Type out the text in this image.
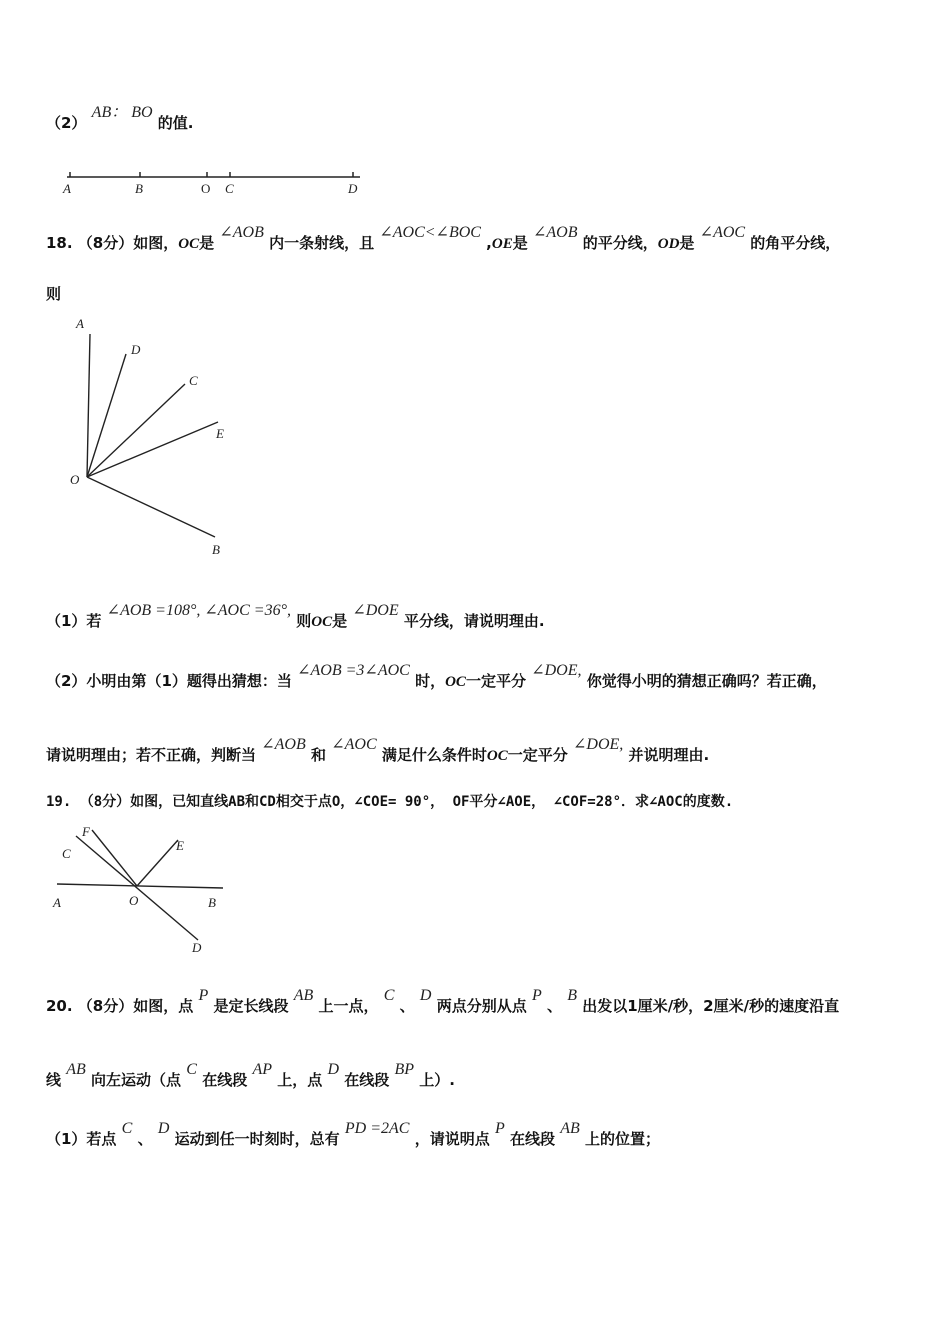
（2） AB： BO 的值.
A	B	O C	D
18. （8分）如图，OC是 ∠AOB 内一条射线，且 ∠AOC<∠BOC ,OE是 ∠AOB 的平分线，OD是 ∠AOC 的角平分线，
则
A
D
C
E
O
B
（1）若 ∠AOB =108°, ∠AOC =36°, 则OC是 ∠DOE 平分线，请说明理由.
（2）小明由第（1）题得出猜想：当 ∠AOB =3∠AOC 时，OC一定平分 ∠DOE, 你觉得小明的猜想正确吗？若正确，
请说明理由；若不正确，判断当 ∠AOB 和 ∠AOC 满足什么条件时OC一定平分 ∠DOE, 并说明理由.
19. （8分）如图，已知直线AB和CD相交于点O，∠COE= 90°， OF平分∠AOE， ∠COF=28°．求∠AOC的度数.
C
F
E
A	O	B
D
20. （8分）如图，点 P 是定长线段 AB 上一点， C 、 D 两点分别从点 P 、 B 出发以1厘米/秒，2厘米/秒的速度沿直
线 AB 向左运动（点 C 在线段 AP 上，点 D 在线段 BP 上）.
（1）若点 C 、 D 运动到任一时刻时，总有 PD =2AC ，请说明点 P 在线段 AB 上的位置；
